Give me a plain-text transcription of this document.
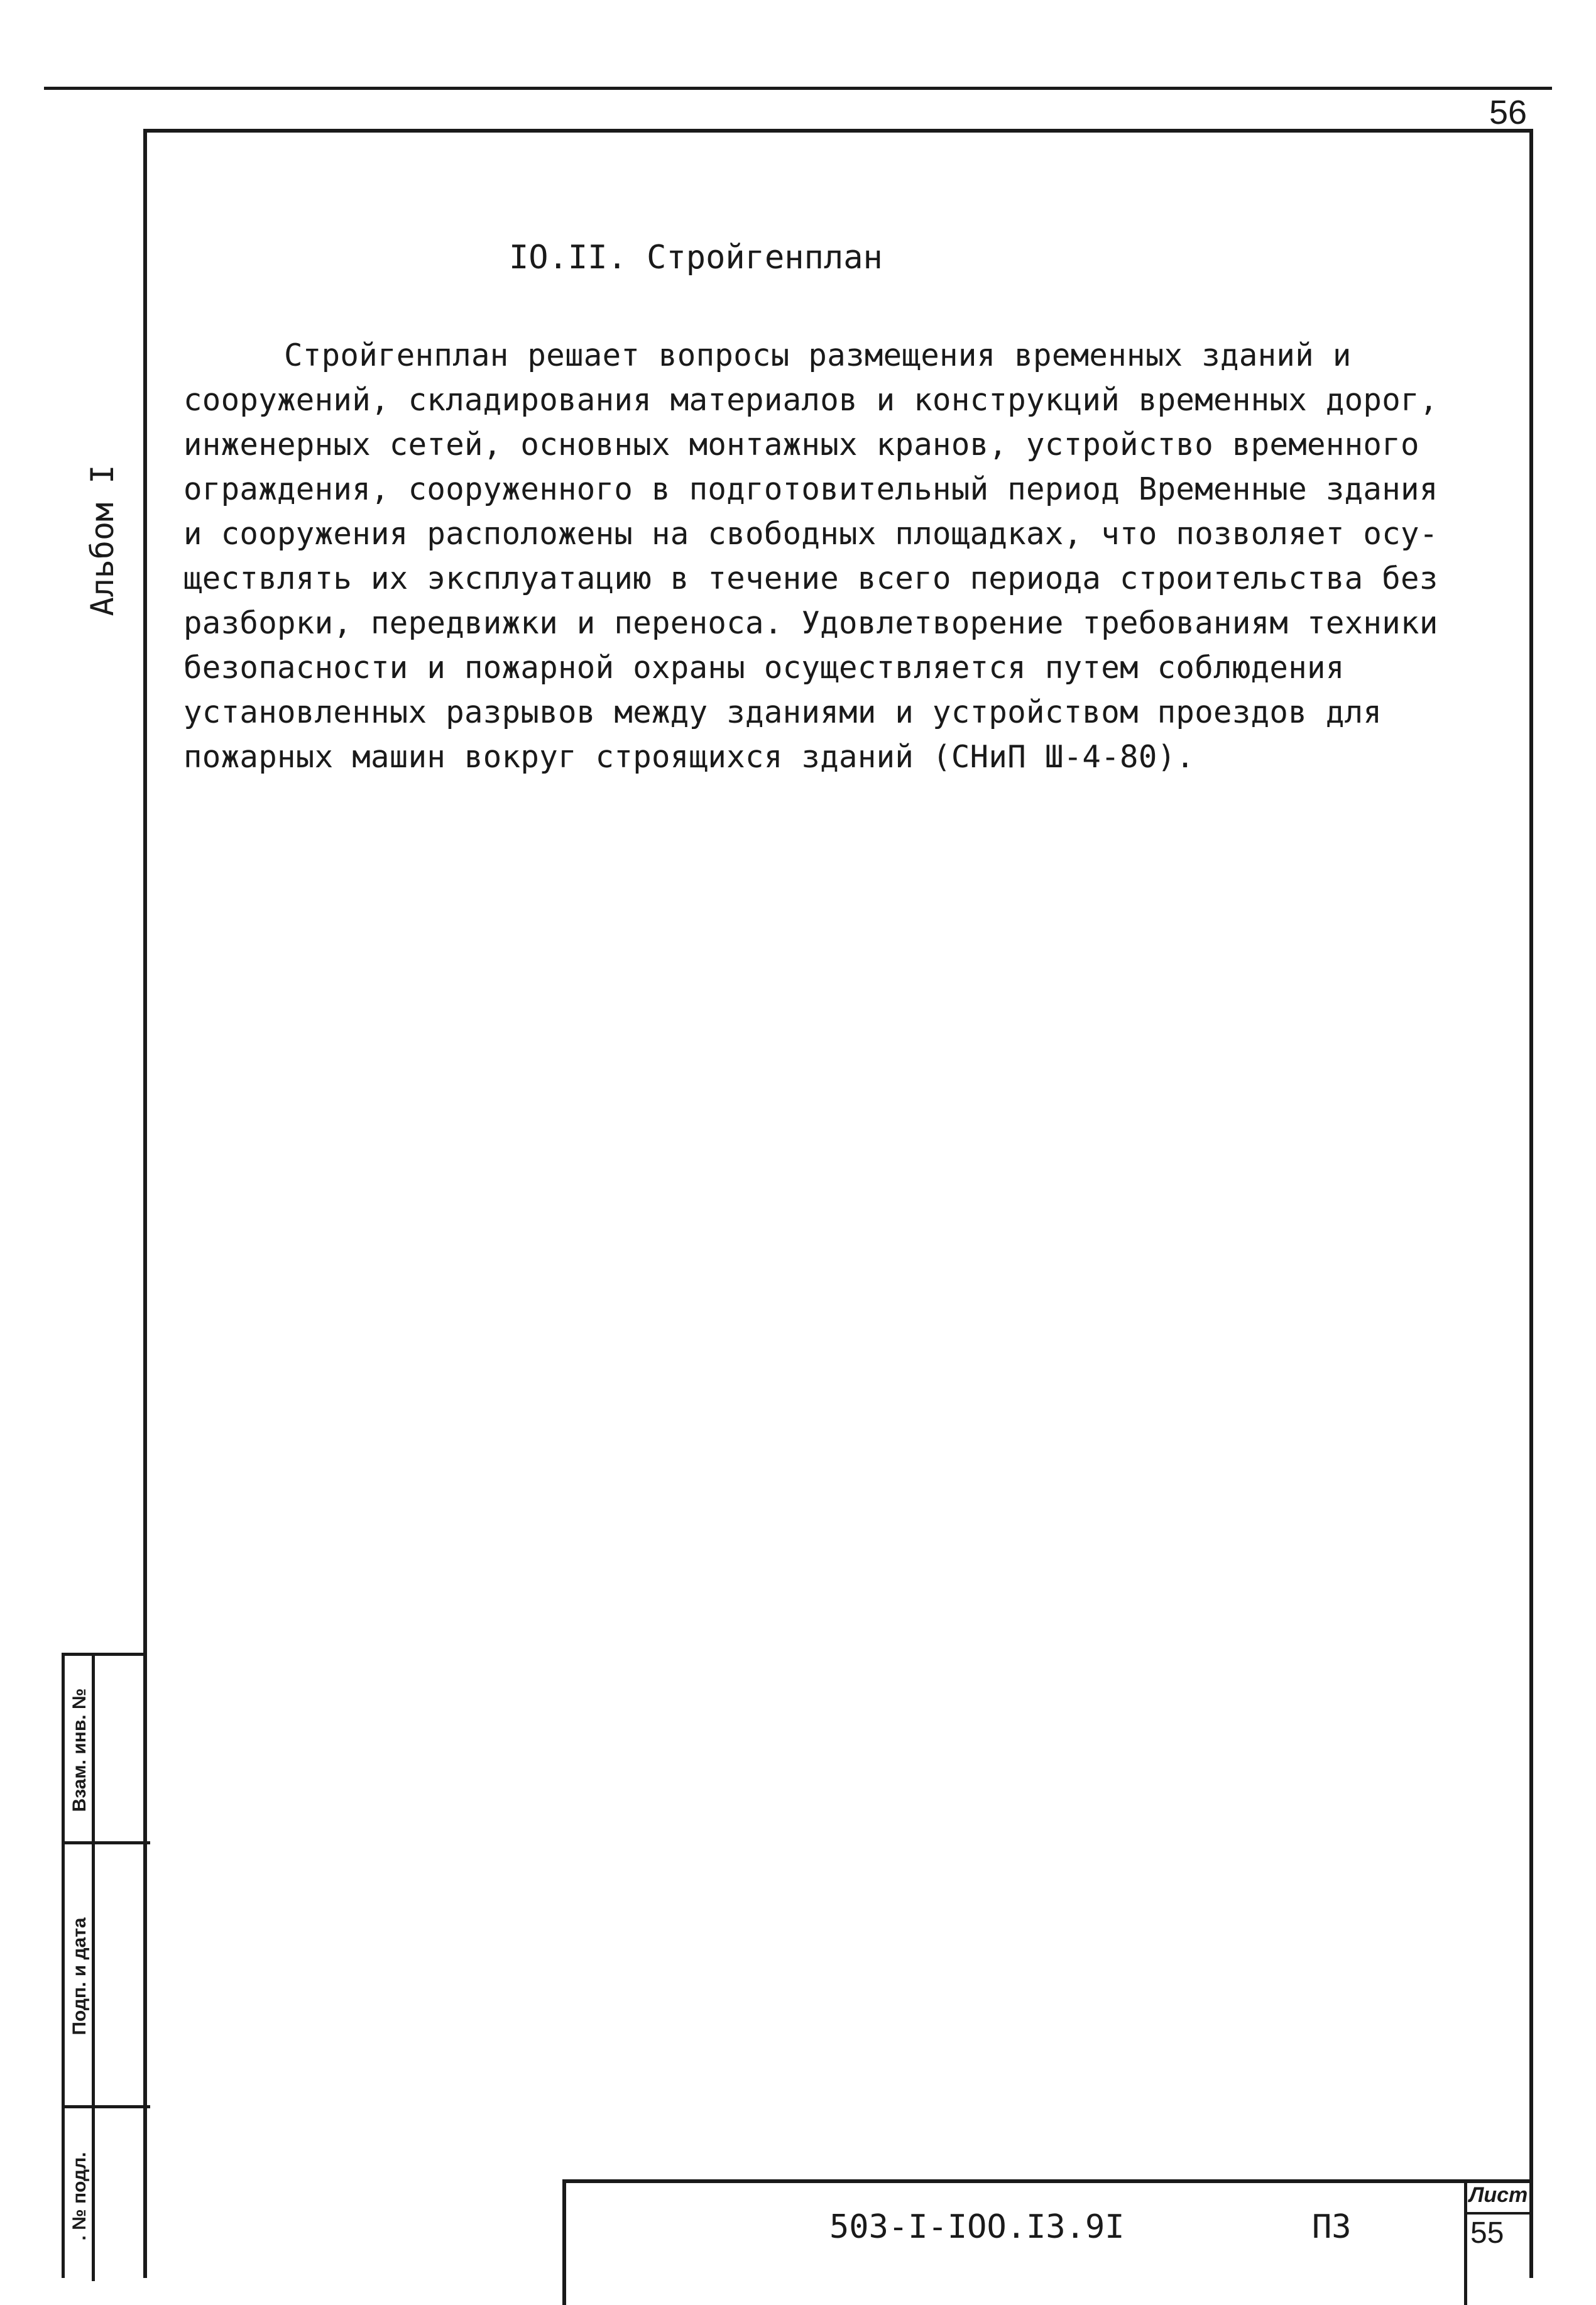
56
Альбом I
IO.II. Стройгенплан
Стройгенплан решает вопросы размещения временных зданий и
сооружений, складирования материалов и конструкций временных дорог,
инженерных сетей, основных монтажных кранов, устройство временного
ограждения, сооруженного в подготовительный период Временные здания
и сооружения расположены на свободных площадках, что позволяет осу-
ществлять их эксплуатацию в течение всего периода строительства без
разборки, передвижки и переноса. Удовлетворение требованиям техники
безопасности и пожарной охраны осуществляется путем соблюдения
установленных разрывов между зданиями и устройством проездов для
пожарных машин вокруг строящихся зданий (СНиП Ш-4-80).
Взам. инв. №
Подп. и дата
. № подл.	503-I-IOO.I3.9I	ПЗ
Лист
55
